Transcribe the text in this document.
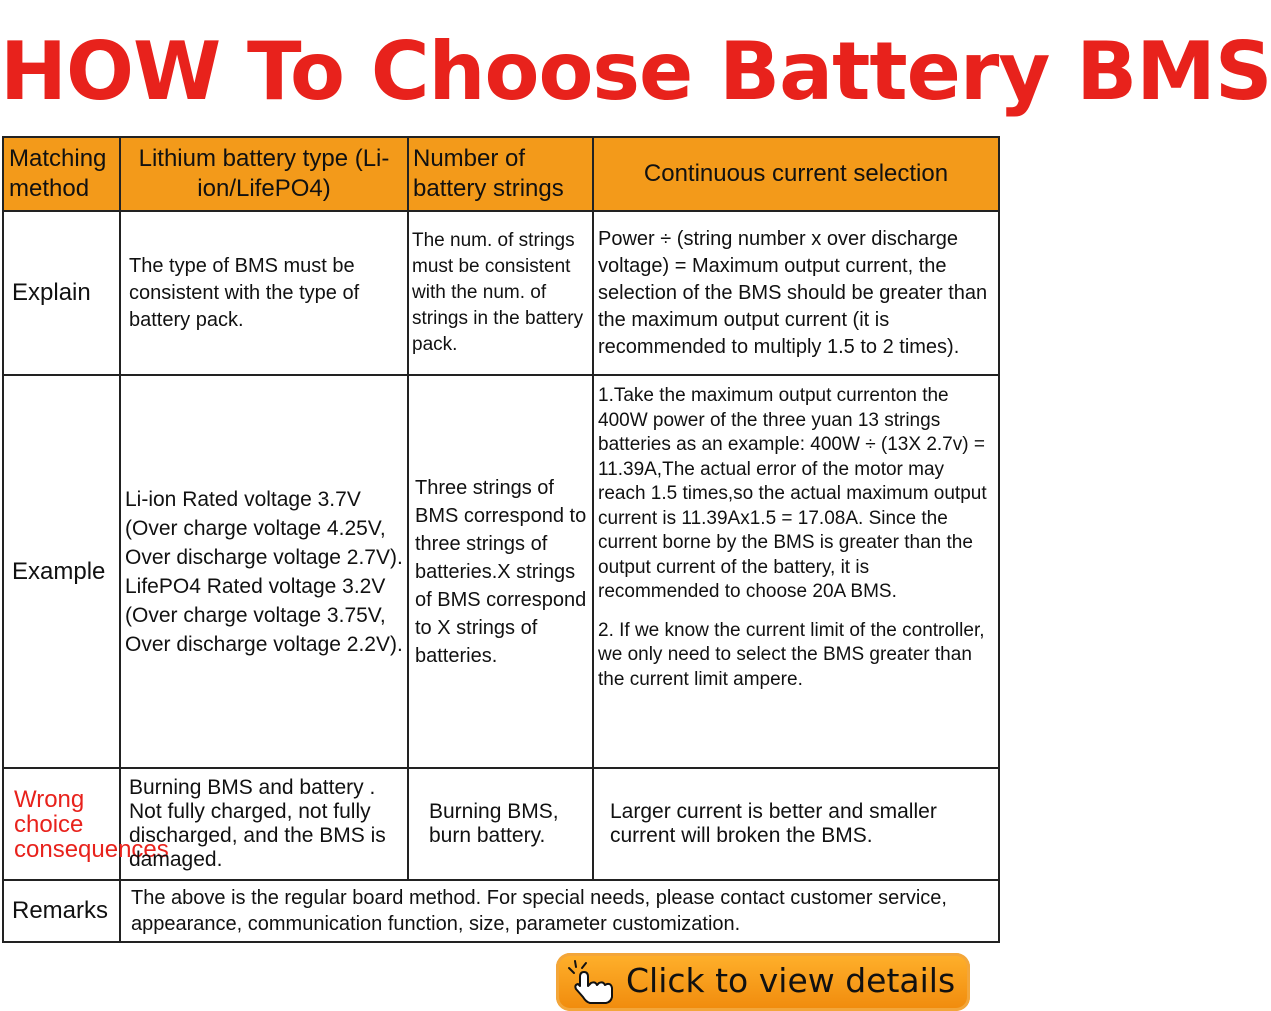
HOW To Choose Battery BMS
Matching method	Lithium battery type (Li-ion/LifePO4)	Number of battery strings	Continuous current selection
Explain	The type of BMS must be consistent with the type of battery pack.	The num. of strings must be consistent with the num. of strings in the battery pack.	Power ÷ (string number x over discharge voltage) = Maximum output current, the selection of the BMS should be greater than the maximum output current (it is recommended to multiply 1.5 to 2 times).
Example	Li-ion Rated voltage 3.7V (Over charge voltage 4.25V, Over discharge voltage 2.7V). LifePO4 Rated voltage 3.2V (Over charge voltage 3.75V, Over discharge voltage 2.2V).	Three strings of BMS correspond to three strings of batteries.X strings of BMS correspond to X strings of batteries.	1.Take the maximum output currenton the 400W power of the three yuan 13 strings batteries as an example: 400W ÷ (13X 2.7v) = 11.39A,The actual error of the motor may reach 1.5 times,so the actual maximum output current is 11.39Ax1.5 = 17.08A. Since the current borne by the BMS is greater than the output current of the battery, it is recommended to choose 20A BMS.

2. If we know the current limit of the controller, we only need to select the BMS greater than the current limit ampere.

Wrong choice consequences	Burning BMS and battery . Not fully charged, not fully discharged, and the BMS is damaged.	Burning BMS, burn battery.	Larger current is better and smaller current will broken the BMS.
Remarks	The above is the regular board method. For special needs, please contact customer service, appearance, communication function, size, parameter customization.		
Click to view details
